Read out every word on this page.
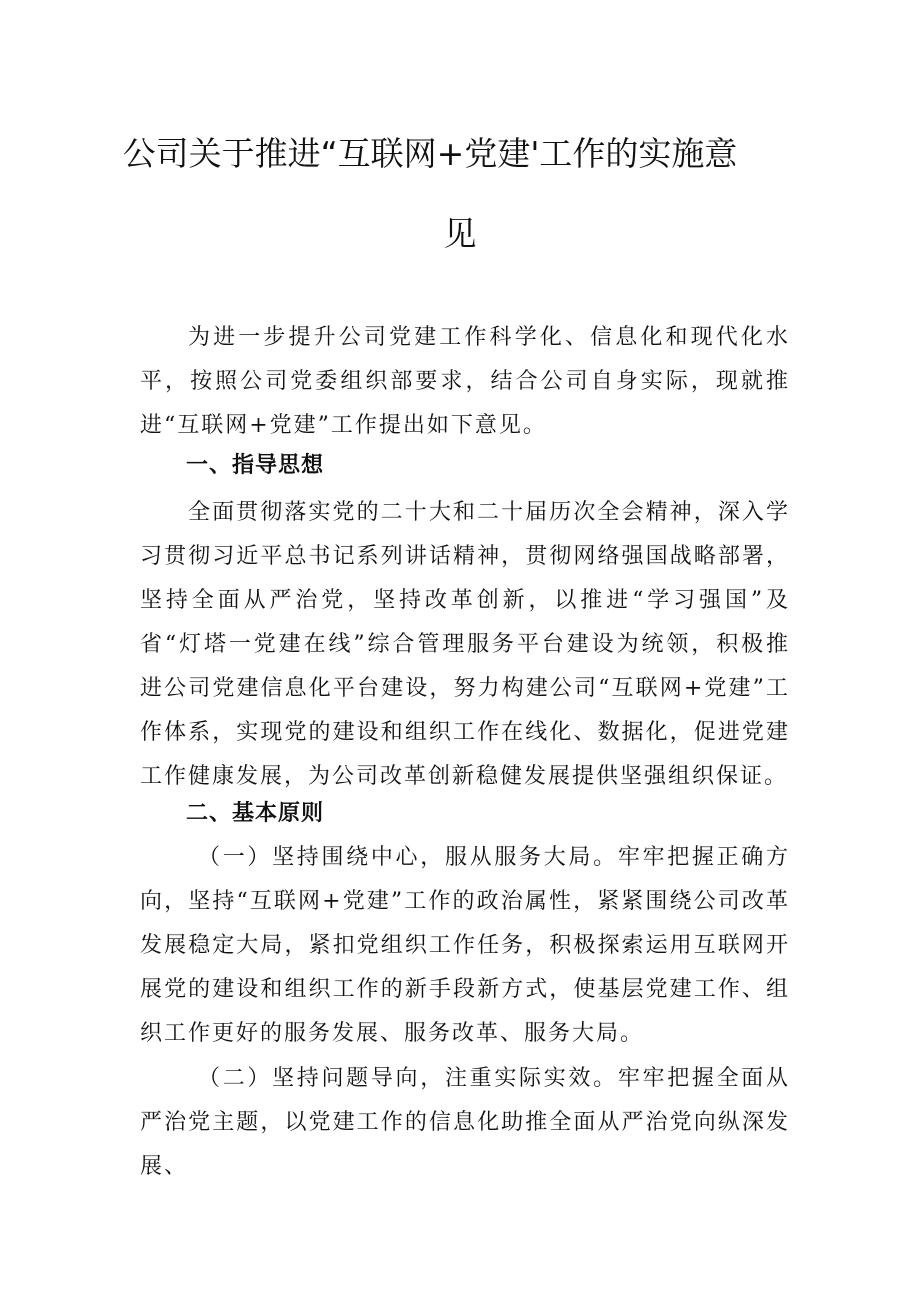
公司关于推进“互联网+党建'工作的实施意
见

为进一步提升公司党建工作科学化、信息化和现代化水平，按照公司党委组织部要求，结合公司自身实际，现就推进“互联网+党建”工作提出如下意见。

一、指导思想

全面贯彻落实党的二十大和二十届历次全会精神，深入学习贯彻习近平总书记系列讲话精神，贯彻网络强国战略部署，坚持全面从严治党，坚持改革创新，以推进“学习强国”及省“灯塔一党建在线”综合管理服务平台建设为统领，积极推进公司党建信息化平台建设，努力构建公司“互联网+党建”工作体系，实现党的建设和组织工作在线化、数据化，促进党建工作健康发展，为公司改革创新稳健发展提供坚强组织保证。

二、基本原则

（一）坚持围绕中心，服从服务大局。牢牢把握正确方向，坚持“互联网+党建”工作的政治属性，紧紧围绕公司改革发展稳定大局，紧扣党组织工作任务，积极探索运用互联网开展党的建设和组织工作的新手段新方式，使基层党建工作、组织工作更好的服务发展、服务改革、服务大局。

（二）坚持问题导向，注重实际实效。牢牢把握全面从严治党主题，以党建工作的信息化助推全面从严治党向纵深发展、
